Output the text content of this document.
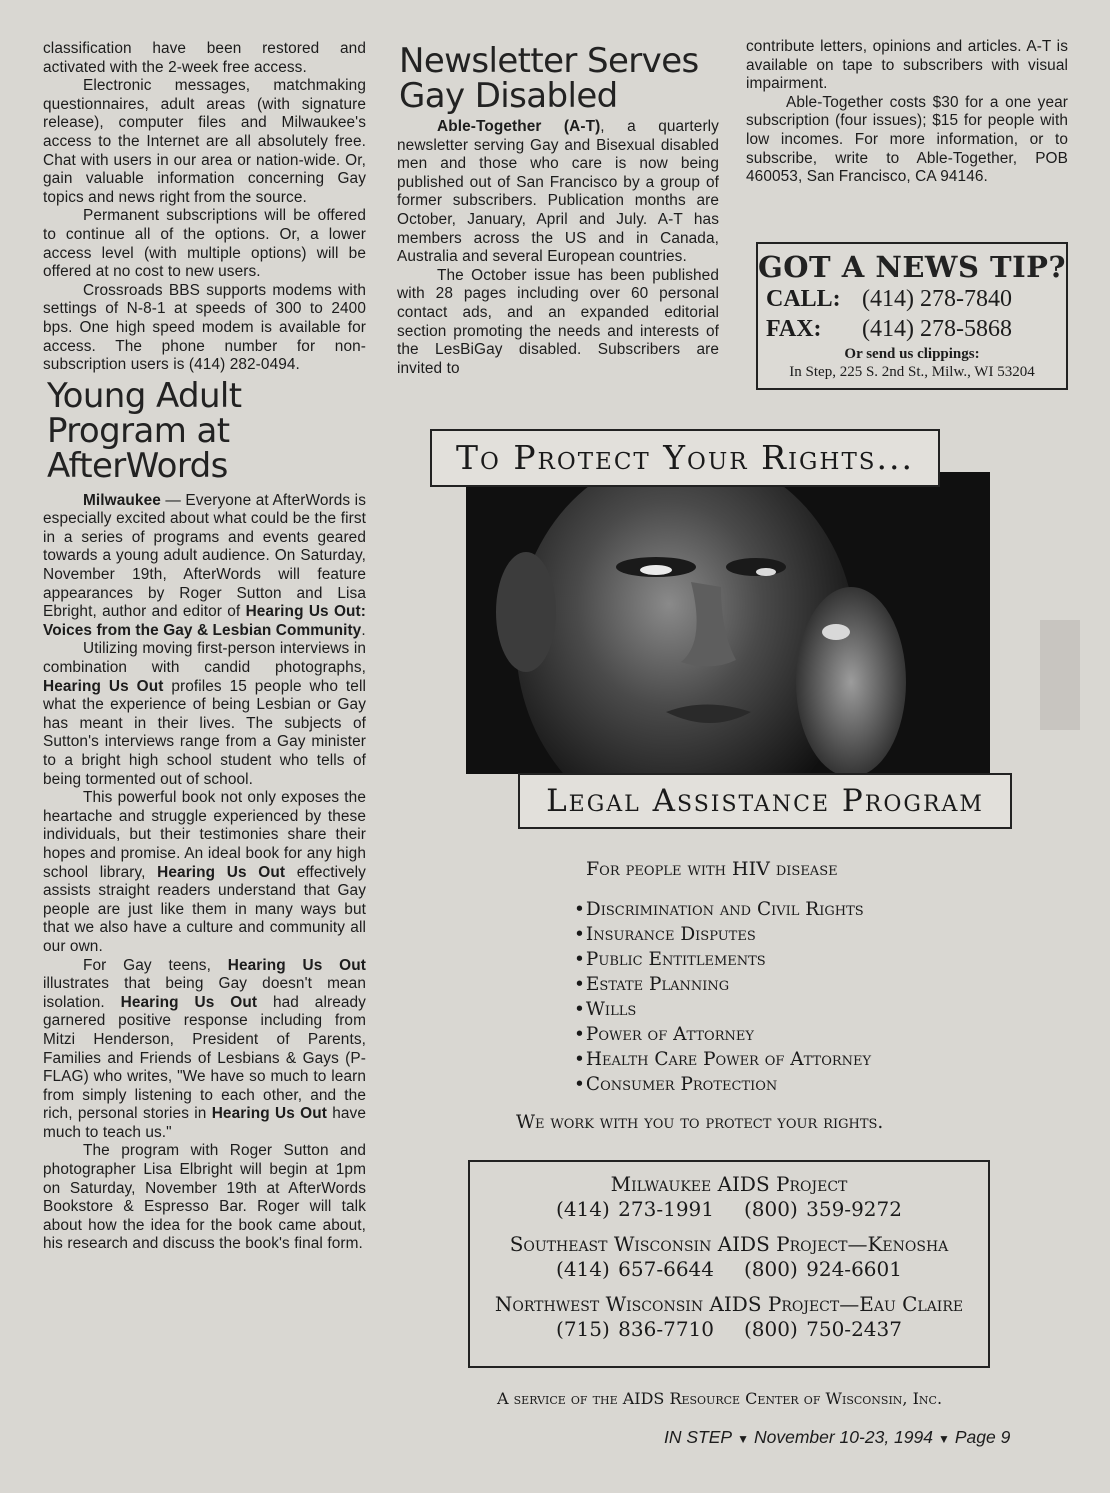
classification have been restored and activated with the 2-week free access.

Electronic messages, matchmaking questionnaires, adult areas (with signature release), computer files and Milwaukee's access to the Internet are all absolutely free. Chat with users in our area or nation-wide. Or, gain valuable information concerning Gay topics and news right from the source.

Permanent subscriptions will be offered to continue all of the options. Or, a lower access level (with multiple options) will be offered at no cost to new users.

Crossroads BBS supports modems with settings of N-8-1 at speeds of 300 to 2400 bps. One high speed modem is available for access. The phone number for non-subscription users is (414) 282-0494.

Young Adult Program at AfterWords

Milwaukee — Everyone at AfterWords is especially excited about what could be the first in a series of programs and events geared towards a young adult audience. On Saturday, November 19th, AfterWords will feature appearances by Roger Sutton and Lisa Ebright, author and editor of Hearing Us Out: Voices from the Gay & Lesbian Community.

Utilizing moving first-person interviews in combination with candid photographs, Hearing Us Out profiles 15 people who tell what the experience of being Lesbian or Gay has meant in their lives. The subjects of Sutton's interviews range from a Gay minister to a bright high school student who tells of being tormented out of school.

This powerful book not only exposes the heartache and struggle experienced by these individuals, but their testimonies share their hopes and promise. An ideal book for any high school library, Hearing Us Out effectively assists straight readers understand that Gay people are just like them in many ways but that we also have a culture and community all our own.

For Gay teens, Hearing Us Out illustrates that being Gay doesn't mean isolation. Hearing Us Out had already garnered positive response including from Mitzi Henderson, President of Parents, Families and Friends of Lesbians & Gays (P-FLAG) who writes, "We have so much to learn from simply listening to each other, and the rich, personal stories in Hearing Us Out have much to teach us."

The program with Roger Sutton and photographer Lisa Elbright will begin at 1pm on Saturday, November 19th at AfterWords Bookstore & Espresso Bar. Roger will talk about how the idea for the book came about, his research and discuss the book's final form.

Newsletter Serves Gay Disabled

Able-Together (A-T), a quarterly newsletter serving Gay and Bisexual disabled men and those who care is now being published out of San Francisco by a group of former subscribers. Publication months are October, January, April and July. A-T has members across the US and in Canada, Australia and several European countries.

The October issue has been published with 28 pages including over 60 personal contact ads, and an expanded editorial section promoting the needs and interests of the LesBiGay disabled. Subscribers are invited to

contribute letters, opinions and articles. A-T is available on tape to subscribers with visual impairment.

Able-Together costs $30 for a one year subscription (four issues); $15 for people with low incomes. For more information, or to subscribe, write to Able-Together, POB 460053, San Francisco, CA 94146.

GOT A NEWS TIP?
CALL: (414) 278-7840
FAX:	(414) 278-5868
Or send us clippings:
In Step, 225 S. 2nd St., Milw., WI 53204
To Protect Your Rights...
Legal Assistance Program
For people with HIV disease
• Discrimination and Civil Rights
• Insurance Disputes
• Public Entitlements
• Estate Planning
• Wills
• Power of Attorney
• Health Care Power of Attorney
• Consumer Protection
We work with you to protect your rights.
Milwaukee AIDS Project
(414) 273-1991 (800) 359-9272
Southeast Wisconsin AIDS Project—Kenosha
(414) 657-6644 (800) 924-6601
Northwest Wisconsin AIDS Project—Eau Claire
(715) 836-7710 (800) 750-2437
A service of the AIDS Resource Center of Wisconsin, Inc.
IN STEP ▼ November 10-23, 1994 ▼ Page 9
